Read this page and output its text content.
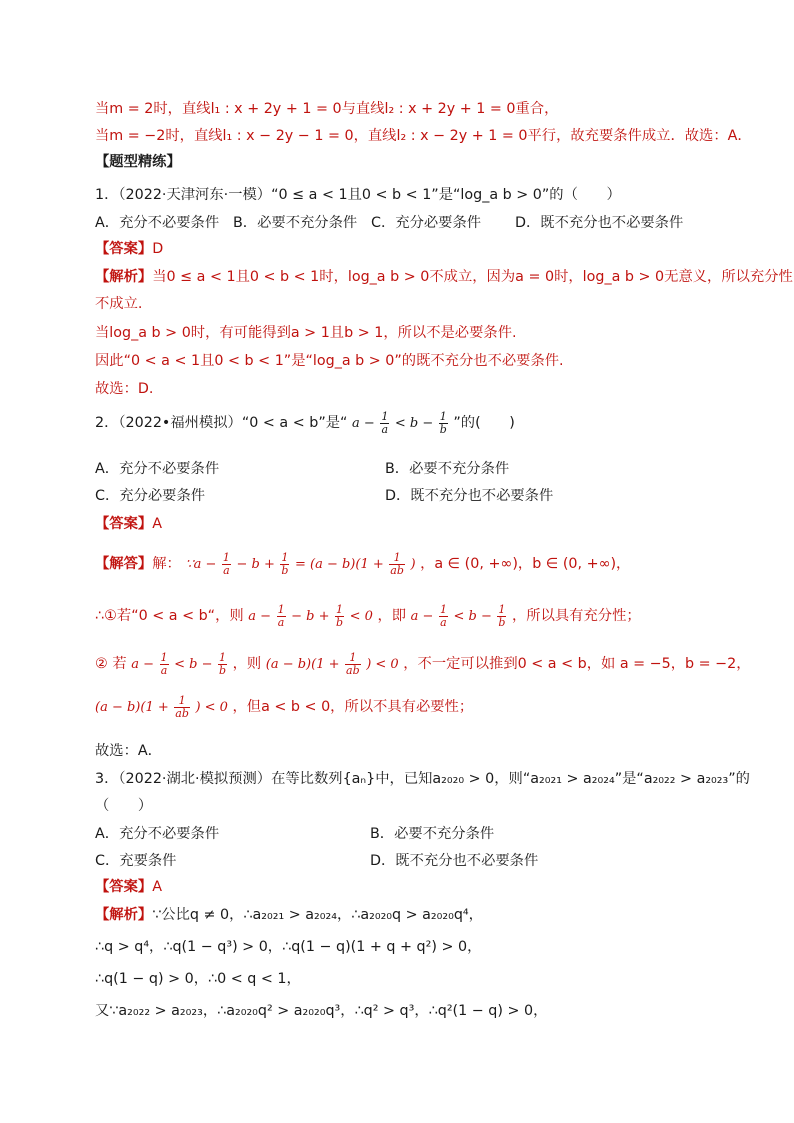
当m = 2时，直线l₁ : x + 2y + 1 = 0与直线l₂ : x + 2y + 1 = 0重合，
当m = −2时，直线l₁ : x − 2y − 1 = 0，直线l₂ : x − 2y + 1 = 0平行，故充要条件成立．故选：A．
【题型精练】
1．（2022·天津河东·一模）“0 ≤ a < 1且0 < b < 1”是“log_a b > 0”的（　　）
A．充分不必要条件 B．必要不充分条件 C．充分必要条件 D．既不充分也不必要条件
【答案】D
【解析】当0 ≤ a < 1且0 < b < 1时，log_a b > 0不成立，因为a = 0时，log_a b > 0无意义，所以充分性
不成立.
当log_a b > 0时，有可能得到a > 1且b > 1，所以不是必要条件.
因此“0 < a < 1且0 < b < 1”是“log_a b > 0”的既不充分也不必要条件.
故选：D.
2．（2022•福州模拟）“0 < a < b”是“ $a - \frac{1}{a} < b - \frac{1}{b}$ ”的(　　)
A．充分不必要条件	B．必要不充分条件
C．充分必要条件	D．既不充分也不必要条件
【答案】A
【解答】解： ∵a − $\frac{1}{a} - b + \frac{1}{b} = (a - b)(1 + \frac{1}{ab}$ ) ，a ∈ (0, +∞)，b ∈ (0, +∞)，
∴①若“0 < a < b“，则 $a - \frac{1}{a} - b + \frac{1}{b} < 0$ ，即 $a - \frac{1}{a} < b - \frac{1}{b}$ ，所以具有充分性；
② 若 $a - \frac{1}{a} < b - \frac{1}{b}$ ，则 $(a - b)(1 + \frac{1}{ab}$ ) < 0 ，不一定可以推到0 < a < b，如 a = −5，b = −2，
$(a - b)(1 + \frac{1}{ab}$ ) < 0 ，但a < b < 0，所以不具有必要性；
故选：A．
3．（2022·湖北·模拟预测）在等比数列{aₙ}中，已知a₂₀₂₀ > 0，则“a₂₀₂₁ > a₂₀₂₄”是“a₂₀₂₂ > a₂₀₂₃”的
（　　）
A．充分不必要条件	B．必要不充分条件
C．充要条件	D．既不充分也不必要条件
【答案】A
【解析】∵公比q ≠ 0，∴a₂₀₂₁ > a₂₀₂₄，∴a₂₀₂₀q > a₂₀₂₀q⁴，
∴q > q⁴，∴q(1 − q³) > 0，∴q(1 − q)(1 + q + q²) > 0，
∴q(1 − q) > 0，∴0 < q < 1，
又∵a₂₀₂₂ > a₂₀₂₃，∴a₂₀₂₀q² > a₂₀₂₀q³，∴q² > q³，∴q²(1 − q) > 0，
